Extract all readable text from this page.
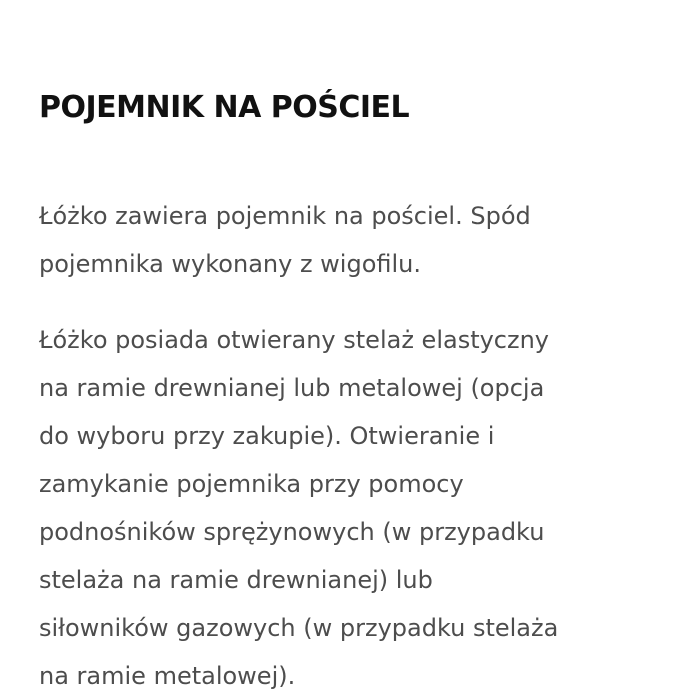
POJEMNIK NA POŚCIEL

Łóżko zawiera pojemnik na pościel. Spód
pojemnika wykonany z wigofilu.

Łóżko posiada otwierany stelaż elastyczny
na ramie drewnianej lub metalowej (opcja
do wyboru przy zakupie). Otwieranie i
zamykanie pojemnika przy pomocy
podnośników sprężynowych (w przypadku
stelaża na ramie drewnianej) lub
siłowników gazowych (w przypadku stelaża
na ramie metalowej).
